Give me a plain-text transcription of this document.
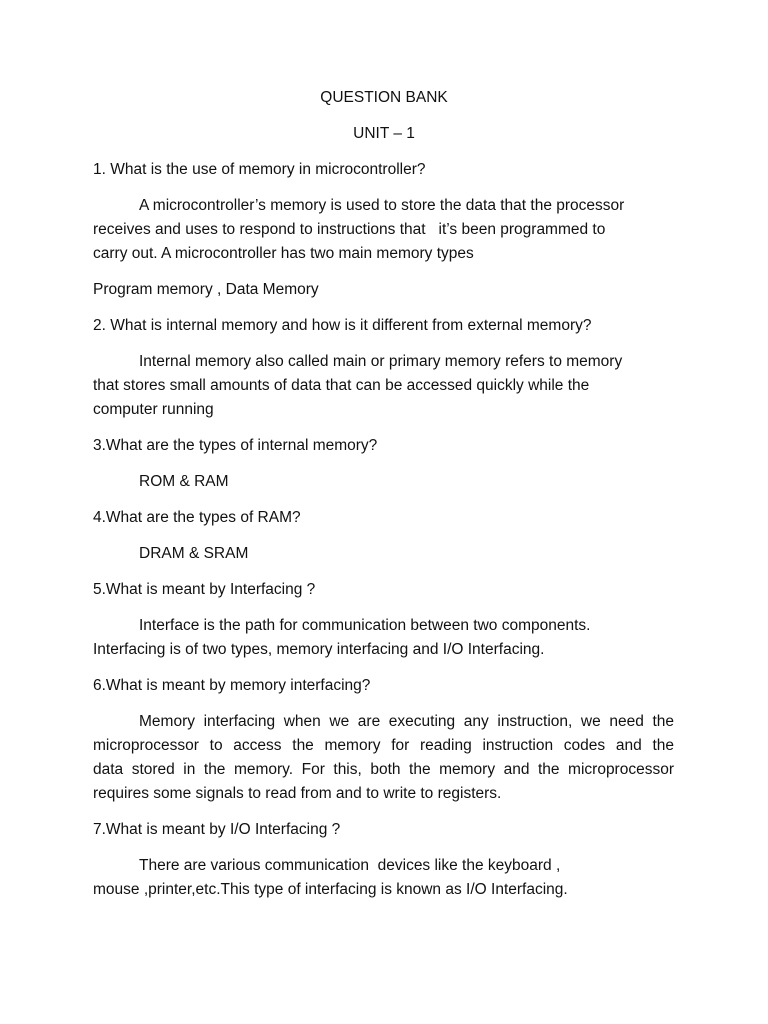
QUESTION BANK
UNIT – 1
1. What is the use of memory in microcontroller?
A microcontroller’s memory is used to store the data that the processor
receives and uses to respond to instructions that   it’s been programmed to
carry out. A microcontroller has two main memory types
Program memory , Data Memory
2. What is internal memory and how is it different from external memory?
Internal memory also called main or primary memory refers to memory
that stores small amounts of data that can be accessed quickly while the
computer running
3.What are the types of internal memory?
ROM & RAM
4.What are the types of RAM?
DRAM & SRAM
5.What is meant by Interfacing ?
Interface is the path for communication between two components.
Interfacing is of two types, memory interfacing and I/O Interfacing.
6.What is meant by memory interfacing?
Memory interfacing when we are executing any instruction, we need the
microprocessor to access the memory for reading instruction codes and the
data stored in the memory. For this, both the memory and the microprocessor
requires some signals to read from and to write to registers.
7.What is meant by I/O Interfacing ?
There are various communication  devices like the keyboard ,
mouse ,printer,etc.This type of interfacing is known as I/O Interfacing.
